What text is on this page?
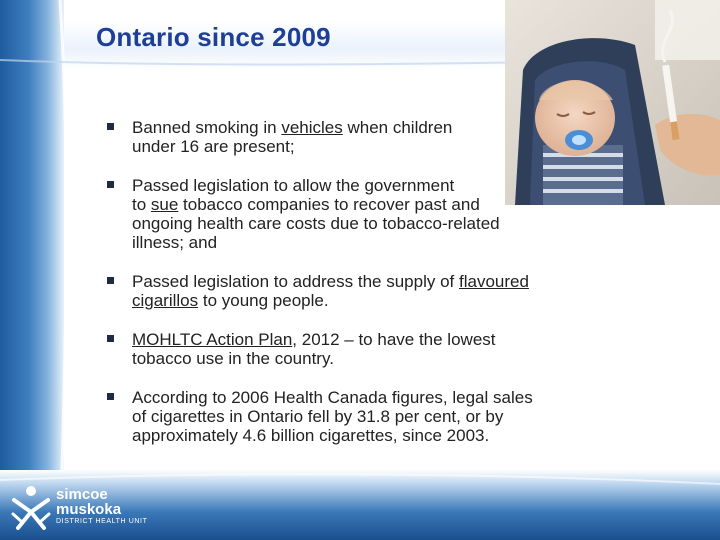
Ontario since 2009
Banned smoking in vehicles when children
under 16 are present;
Passed legislation to allow the government
to sue tobacco companies to recover past and
ongoing health care costs due to tobacco-related
illness; and
Passed legislation to address the supply of flavoured
cigarillos to young people.
MOHLTC Action Plan, 2012 – to have the lowest
tobacco use in the country.
According to 2006 Health Canada figures, legal sales
of cigarettes in Ontario fell by 31.8 per cent, or by
approximately 4.6 billion cigarettes, since 2003.
simcoe
muskoka
DISTRICT HEALTH UNIT
